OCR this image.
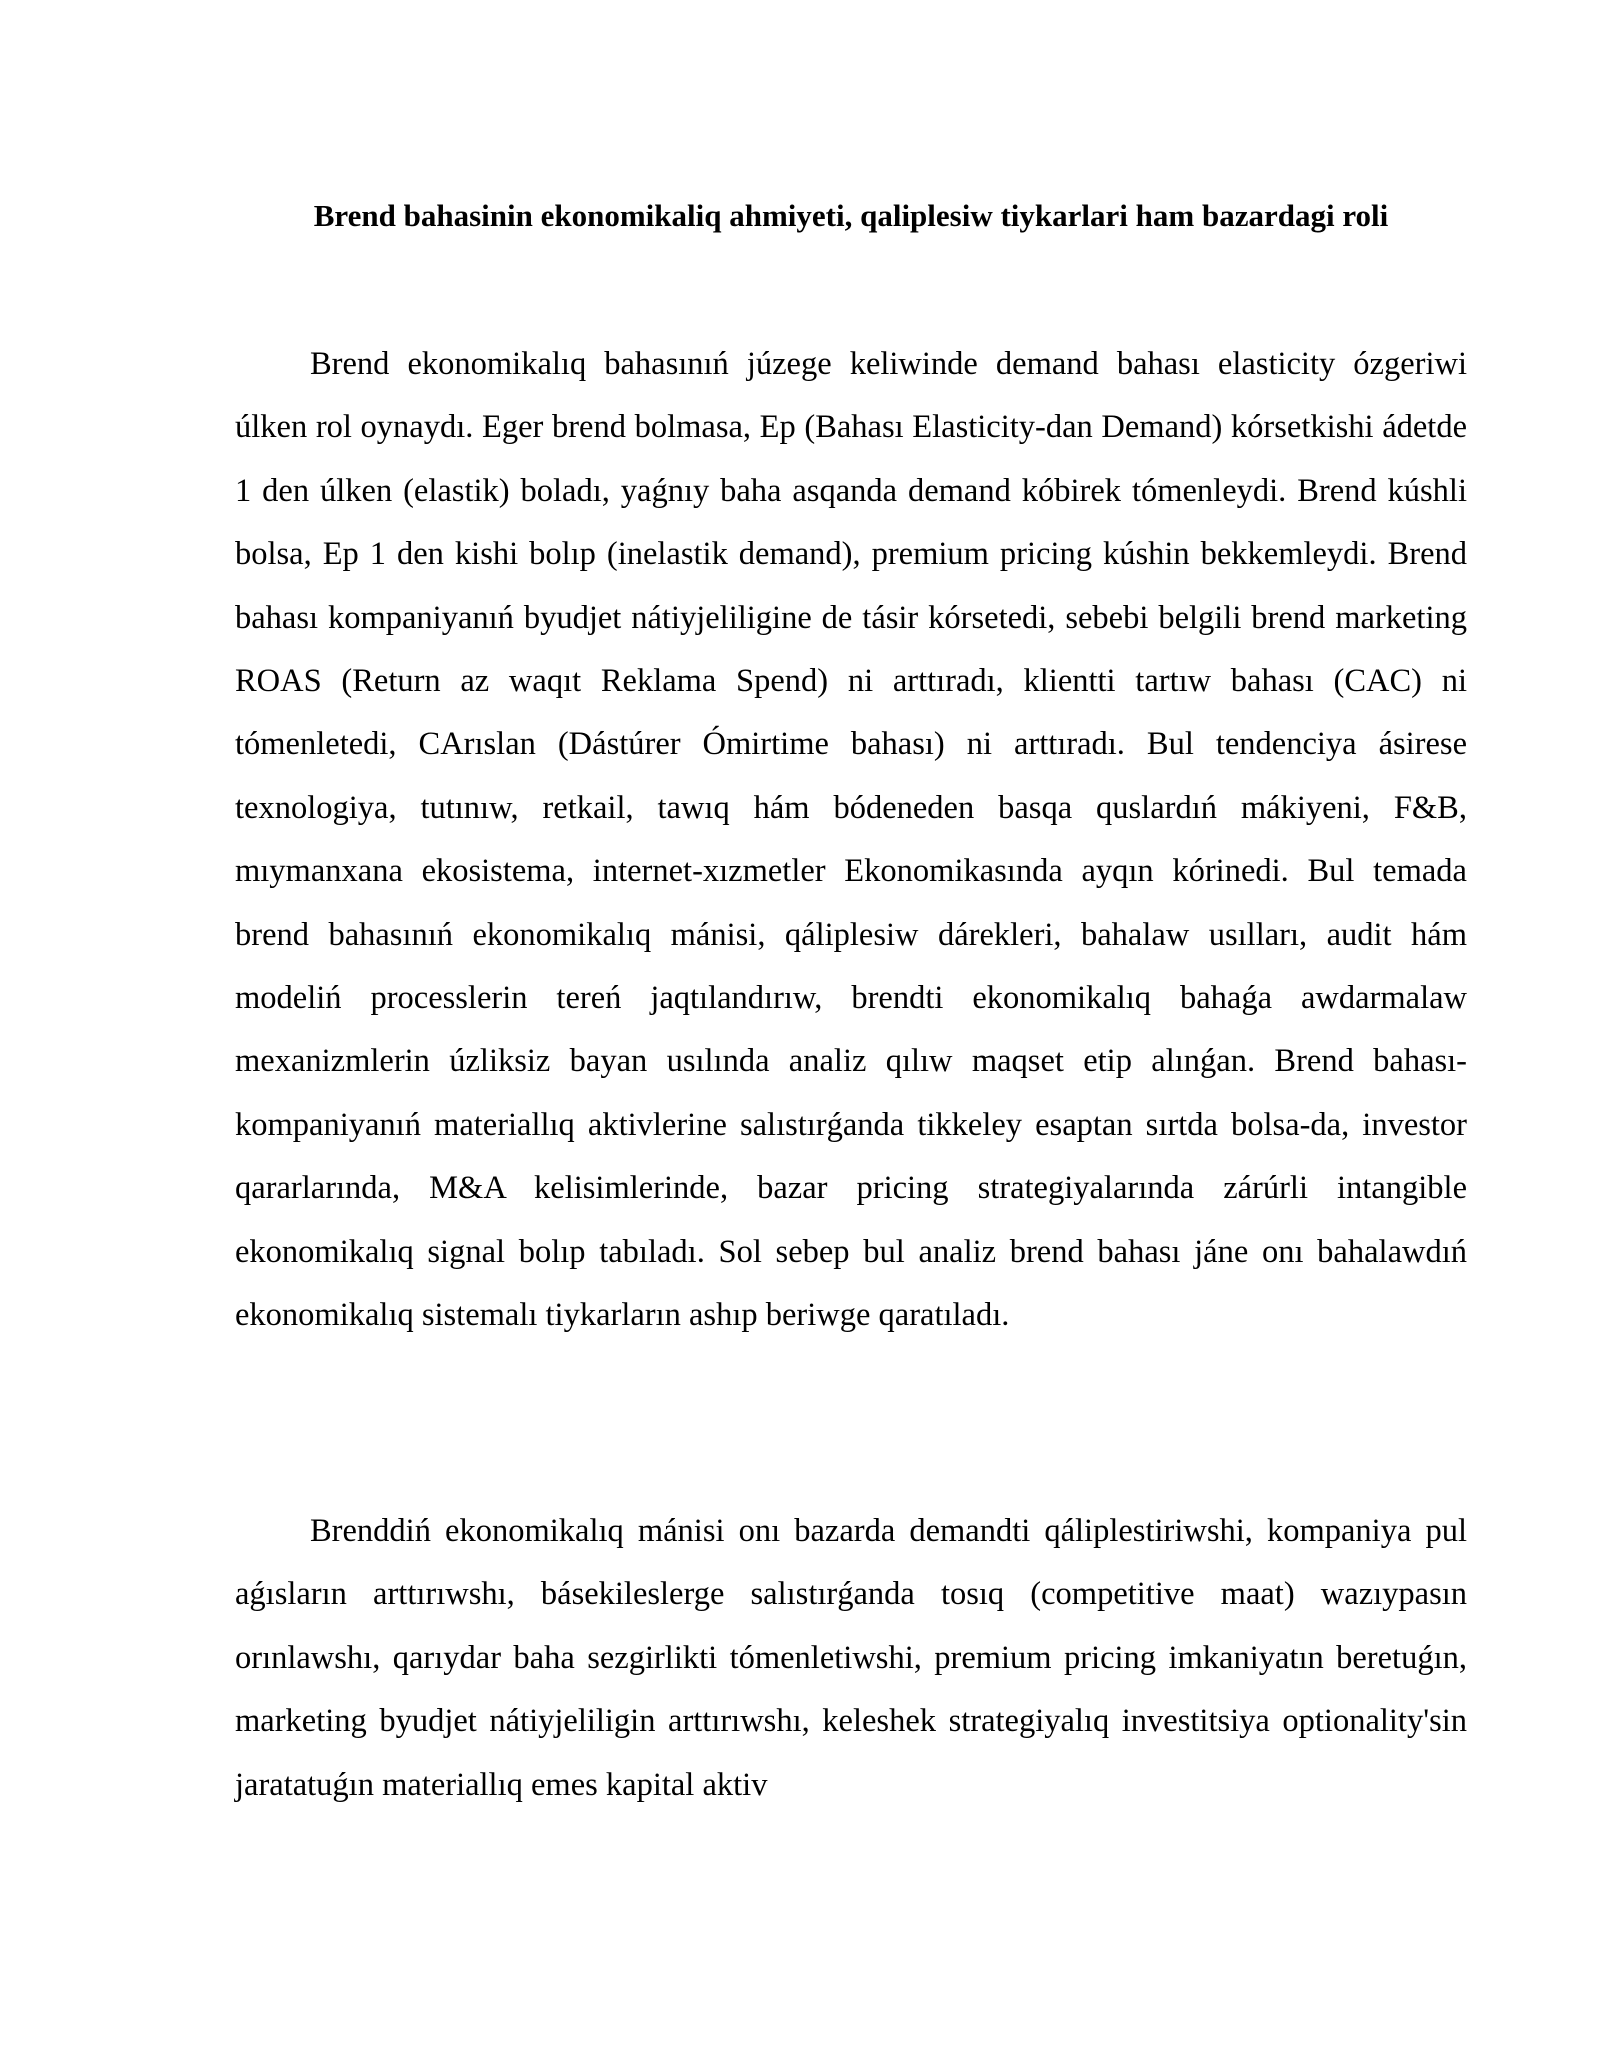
Brend bahasinin ekonomikaliq ahmiyeti, qaliplesiw tiykarlari ham bazardagi roli

Brend ekonomikalıq bahasınıń júzege keliwinde demand bahası elasticity ózgeriwi úlken rol oynaydı. Eger brend bolmasa, Ep (Bahası Elasticity-dan Demand) kórsetkishi ádetde 1 den úlken (elastik) boladı, yaǵnıy baha asqanda demand kóbirek tómenleydi. Brend kúshli bolsa, Ep 1 den kishi bolıp (inelastik demand), premium pricing kúshin bekkemleydi. Brend bahası kompaniyanıń byudjet nátiyjeliligine de tásir kórsetedi, sebebi belgili brend marketing ROAS (Return az waqıt Reklama Spend) ni arttıradı, klientti tartıw bahası (CAC) ni tómenletedi, CArıslan (Dástúrer Ómirtime bahası) ni arttıradı. Bul tendenciya ásirese texnologiya, tutınıw, retkail, tawıq hám bódeneden basqa quslardıń mákiyeni, F&B, mıymanxana ekosistema, internet-xızmetler Ekonomikasında ayqın kórinedi. Bul temada brend bahasınıń ekonomikalıq mánisi, qáliplesiw dárekleri, bahalaw usılları, audit hám modeliń processlerin tereń jaqtılandırıw, brendti ekonomikalıq bahaǵa awdarmalaw mexanizmlerin úzliksiz bayan usılında analiz qılıw maqset etip alınǵan. Brend bahası-kompaniyanıń materiallıq aktivlerine salıstırǵanda tikkeley esaptan sırtda bolsa-da, investor qararlarında, M&A kelisimlerinde, bazar pricing strategiyalarında zárúrli intangible ekonomikalıq signal bolıp tabıladı. Sol sebep bul analiz brend bahası jáne onı bahalawdıń ekonomikalıq sistemalı tiykarların ashıp beriwge qaratıladı.

Brenddiń ekonomikalıq mánisi onı bazarda demandti qáliplestiriwshi, kompaniya pul aǵısların arttırıwshı, básekileslerge salıstırǵanda tosıq (competitive maat) wazıypasın orınlawshı, qarıydar baha sezgirlikti tómenletiwshi, premium pricing imkaniyatın beretuǵın, marketing byudjet nátiyjeliligin arttırıwshı, keleshek strategiyalıq investitsiya optionality'sin jaratatuǵın materiallıq emes kapital aktiv
